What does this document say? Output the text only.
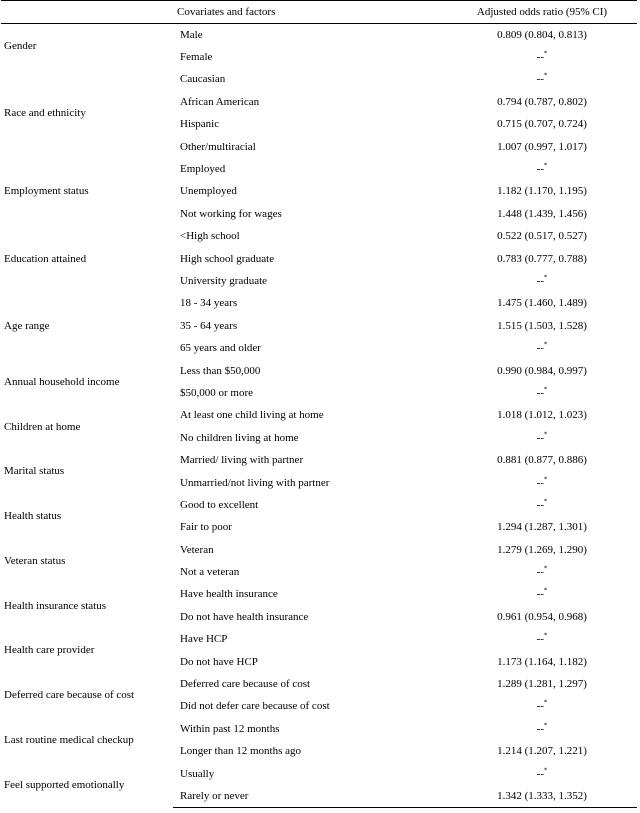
	Covariates and factors	Adjusted odds ratio (95% CI)
Gender	Male	0.809 (0.804, 0.813)
	Female	--*
Race and ethnicity	Caucasian	--*
	African American	0.794 (0.787, 0.802)
	Hispanic	0.715 (0.707, 0.724)
	Other/multiracial	1.007 (0.997, 1.017)
Employment status	Employed	--*
	Unemployed	1.182 (1.170, 1.195)
	Not working for wages	1.448 (1.439, 1.456)
Education attained	<High school	0.522 (0.517, 0.527)
	High school graduate	0.783 (0.777, 0.788)
	University graduate	--*
Age range	18 - 34 years	1.475 (1.460, 1.489)
	35 - 64 years	1.515 (1.503, 1.528)
	65 years and older	--*
Annual household income	Less than $50,000	0.990 (0.984, 0.997)
	$50,000 or more	--*
Children at home	At least one child living at home	1.018 (1.012, 1.023)
	No children living at home	--*
Marital status	Married/ living with partner	0.881 (0.877, 0.886)
	Unmarried/not living with partner	--*
Health status	Good to excellent	--*
	Fair to poor	1.294 (1.287, 1.301)
Veteran status	Veteran	1.279 (1.269, 1.290)
	Not a veteran	--*
Health insurance status	Have health insurance	--*
	Do not have health insurance	0.961 (0.954, 0.968)
Health care provider	Have HCP	--*
	Do not have HCP	1.173 (1.164, 1.182)
Deferred care because of cost	Deferred care because of cost	1.289 (1.281, 1.297)
	Did not defer care because of cost	--*
Last routine medical checkup	Within past 12 months	--*
	Longer than 12 months ago	1.214 (1.207, 1.221)
Feel supported emotionally	Usually	--*
	Rarely or never	1.342 (1.333, 1.352)
